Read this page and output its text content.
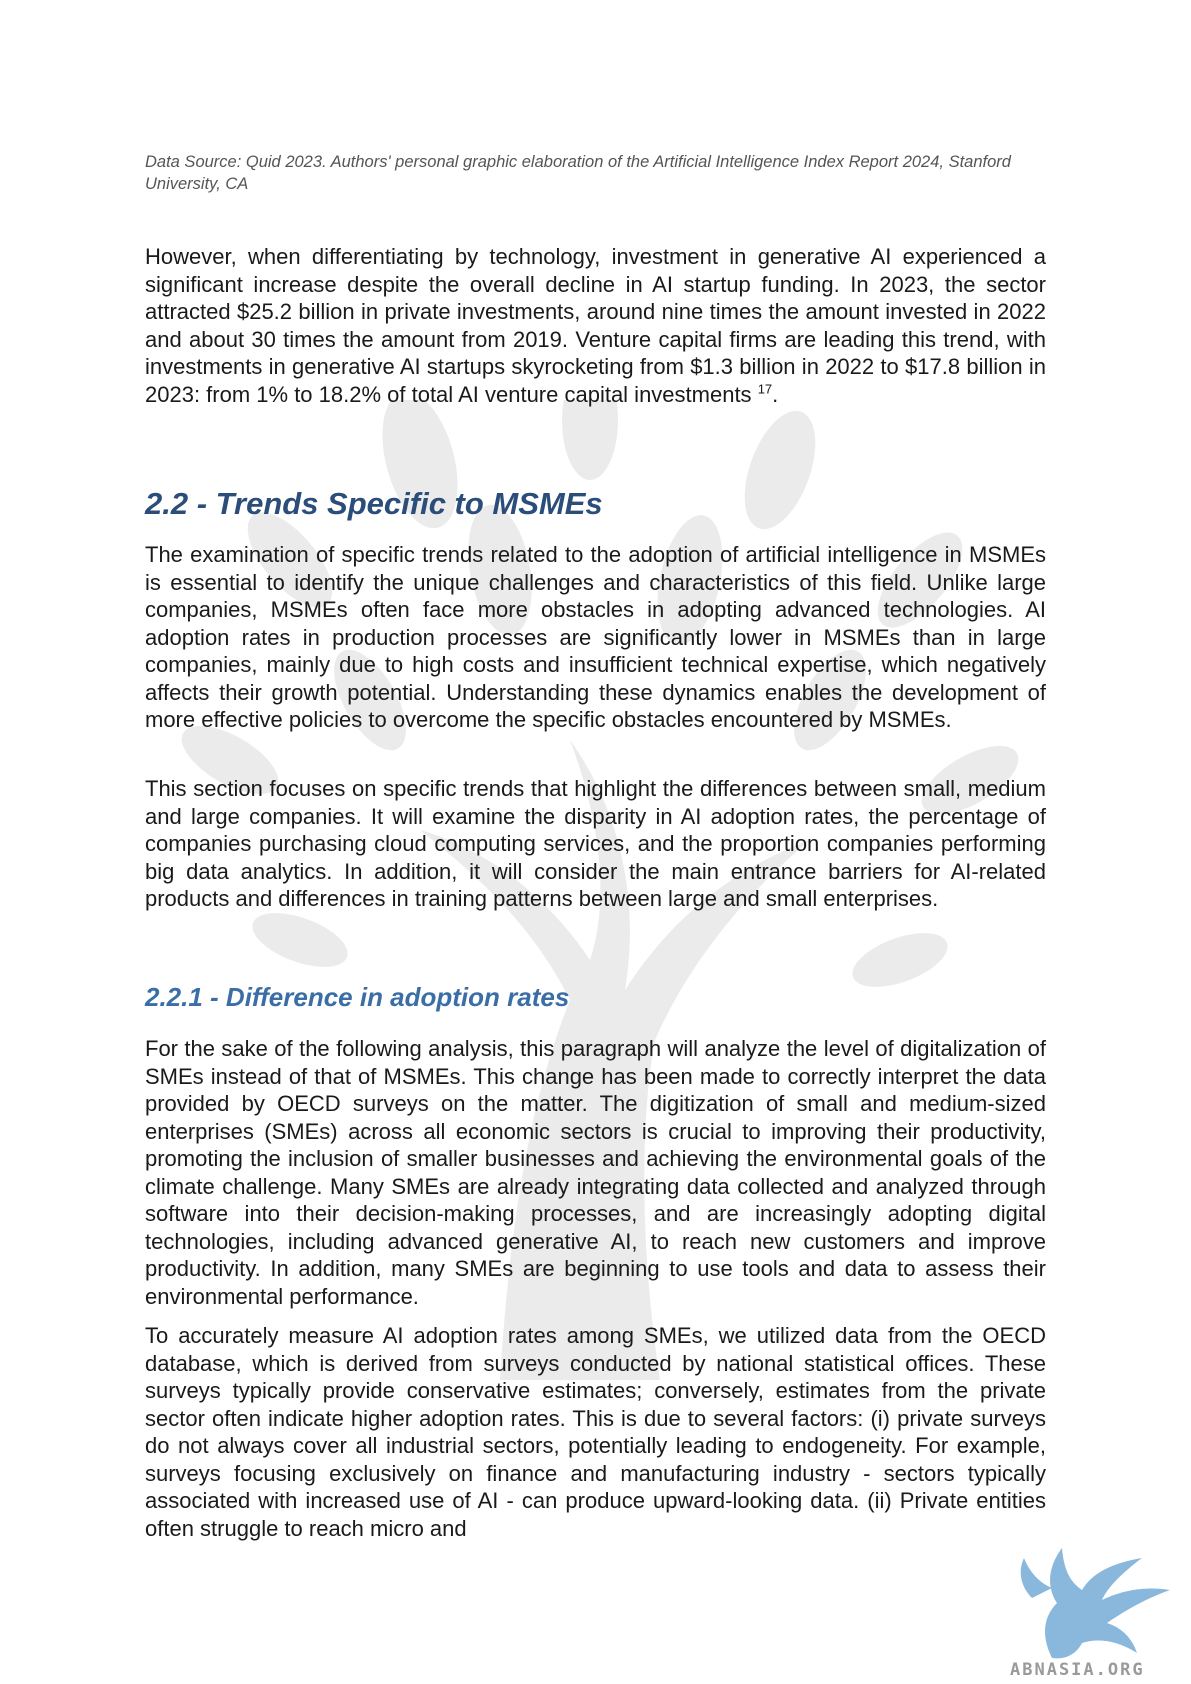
Data Source: Quid 2023. Authors' personal graphic elaboration of the Artificial Intelligence Index Report 2024, Stanford University, CA

However, when differentiating by technology, investment in generative AI experienced a significant increase despite the overall decline in AI startup funding. In 2023, the sector attracted $25.2 billion in private investments, around nine times the amount invested in 2022 and about 30 times the amount from 2019. Venture capital firms are leading this trend, with investments in generative AI startups skyrocketing from $1.3 billion in 2022 to $17.8 billion in 2023: from 1% to 18.2% of total AI venture capital investments $^{17}$.

2.2 - Trends Specific to MSMEs

The examination of specific trends related to the adoption of artificial intelligence in MSMEs is essential to identify the unique challenges and characteristics of this field. Unlike large companies, MSMEs often face more obstacles in adopting advanced technologies. AI adoption rates in production processes are significantly lower in MSMEs than in large companies, mainly due to high costs and insufficient technical expertise, which negatively affects their growth potential. Understanding these dynamics enables the development of more effective policies to overcome the specific obstacles encountered by MSMEs.

This section focuses on specific trends that highlight the differences between small, medium and large companies. It will examine the disparity in AI adoption rates, the percentage of companies purchasing cloud computing services, and the proportion companies performing big data analytics. In addition, it will consider the main entrance barriers for AI-related products and differences in training patterns between large and small enterprises.

2.2.1 - Difference in adoption rates

For the sake of the following analysis, this paragraph will analyze the level of digitalization of SMEs instead of that of MSMEs. This change has been made to correctly interpret the data provided by OECD surveys on the matter. The digitization of small and medium-sized enterprises (SMEs) across all economic sectors is crucial to improving their productivity, promoting the inclusion of smaller businesses and achieving the environmental goals of the climate challenge. Many SMEs are already integrating data collected and analyzed through software into their decision-making processes, and are increasingly adopting digital technologies, including advanced generative AI, to reach new customers and improve productivity. In addition, many SMEs are beginning to use tools and data to assess their environmental performance.

To accurately measure AI adoption rates among SMEs, we utilized data from the OECD database, which is derived from surveys conducted by national statistical offices. These surveys typically provide conservative estimates; conversely, estimates from the private sector often indicate higher adoption rates. This is due to several factors: (i) private surveys do not always cover all industrial sectors, potentially leading to endogeneity. For example, surveys focusing exclusively on finance and manufacturing industry - sectors typically associated with increased use of AI - can produce upward-looking data. (ii) Private entities often struggle to reach micro and

ABNASIA.ORG
